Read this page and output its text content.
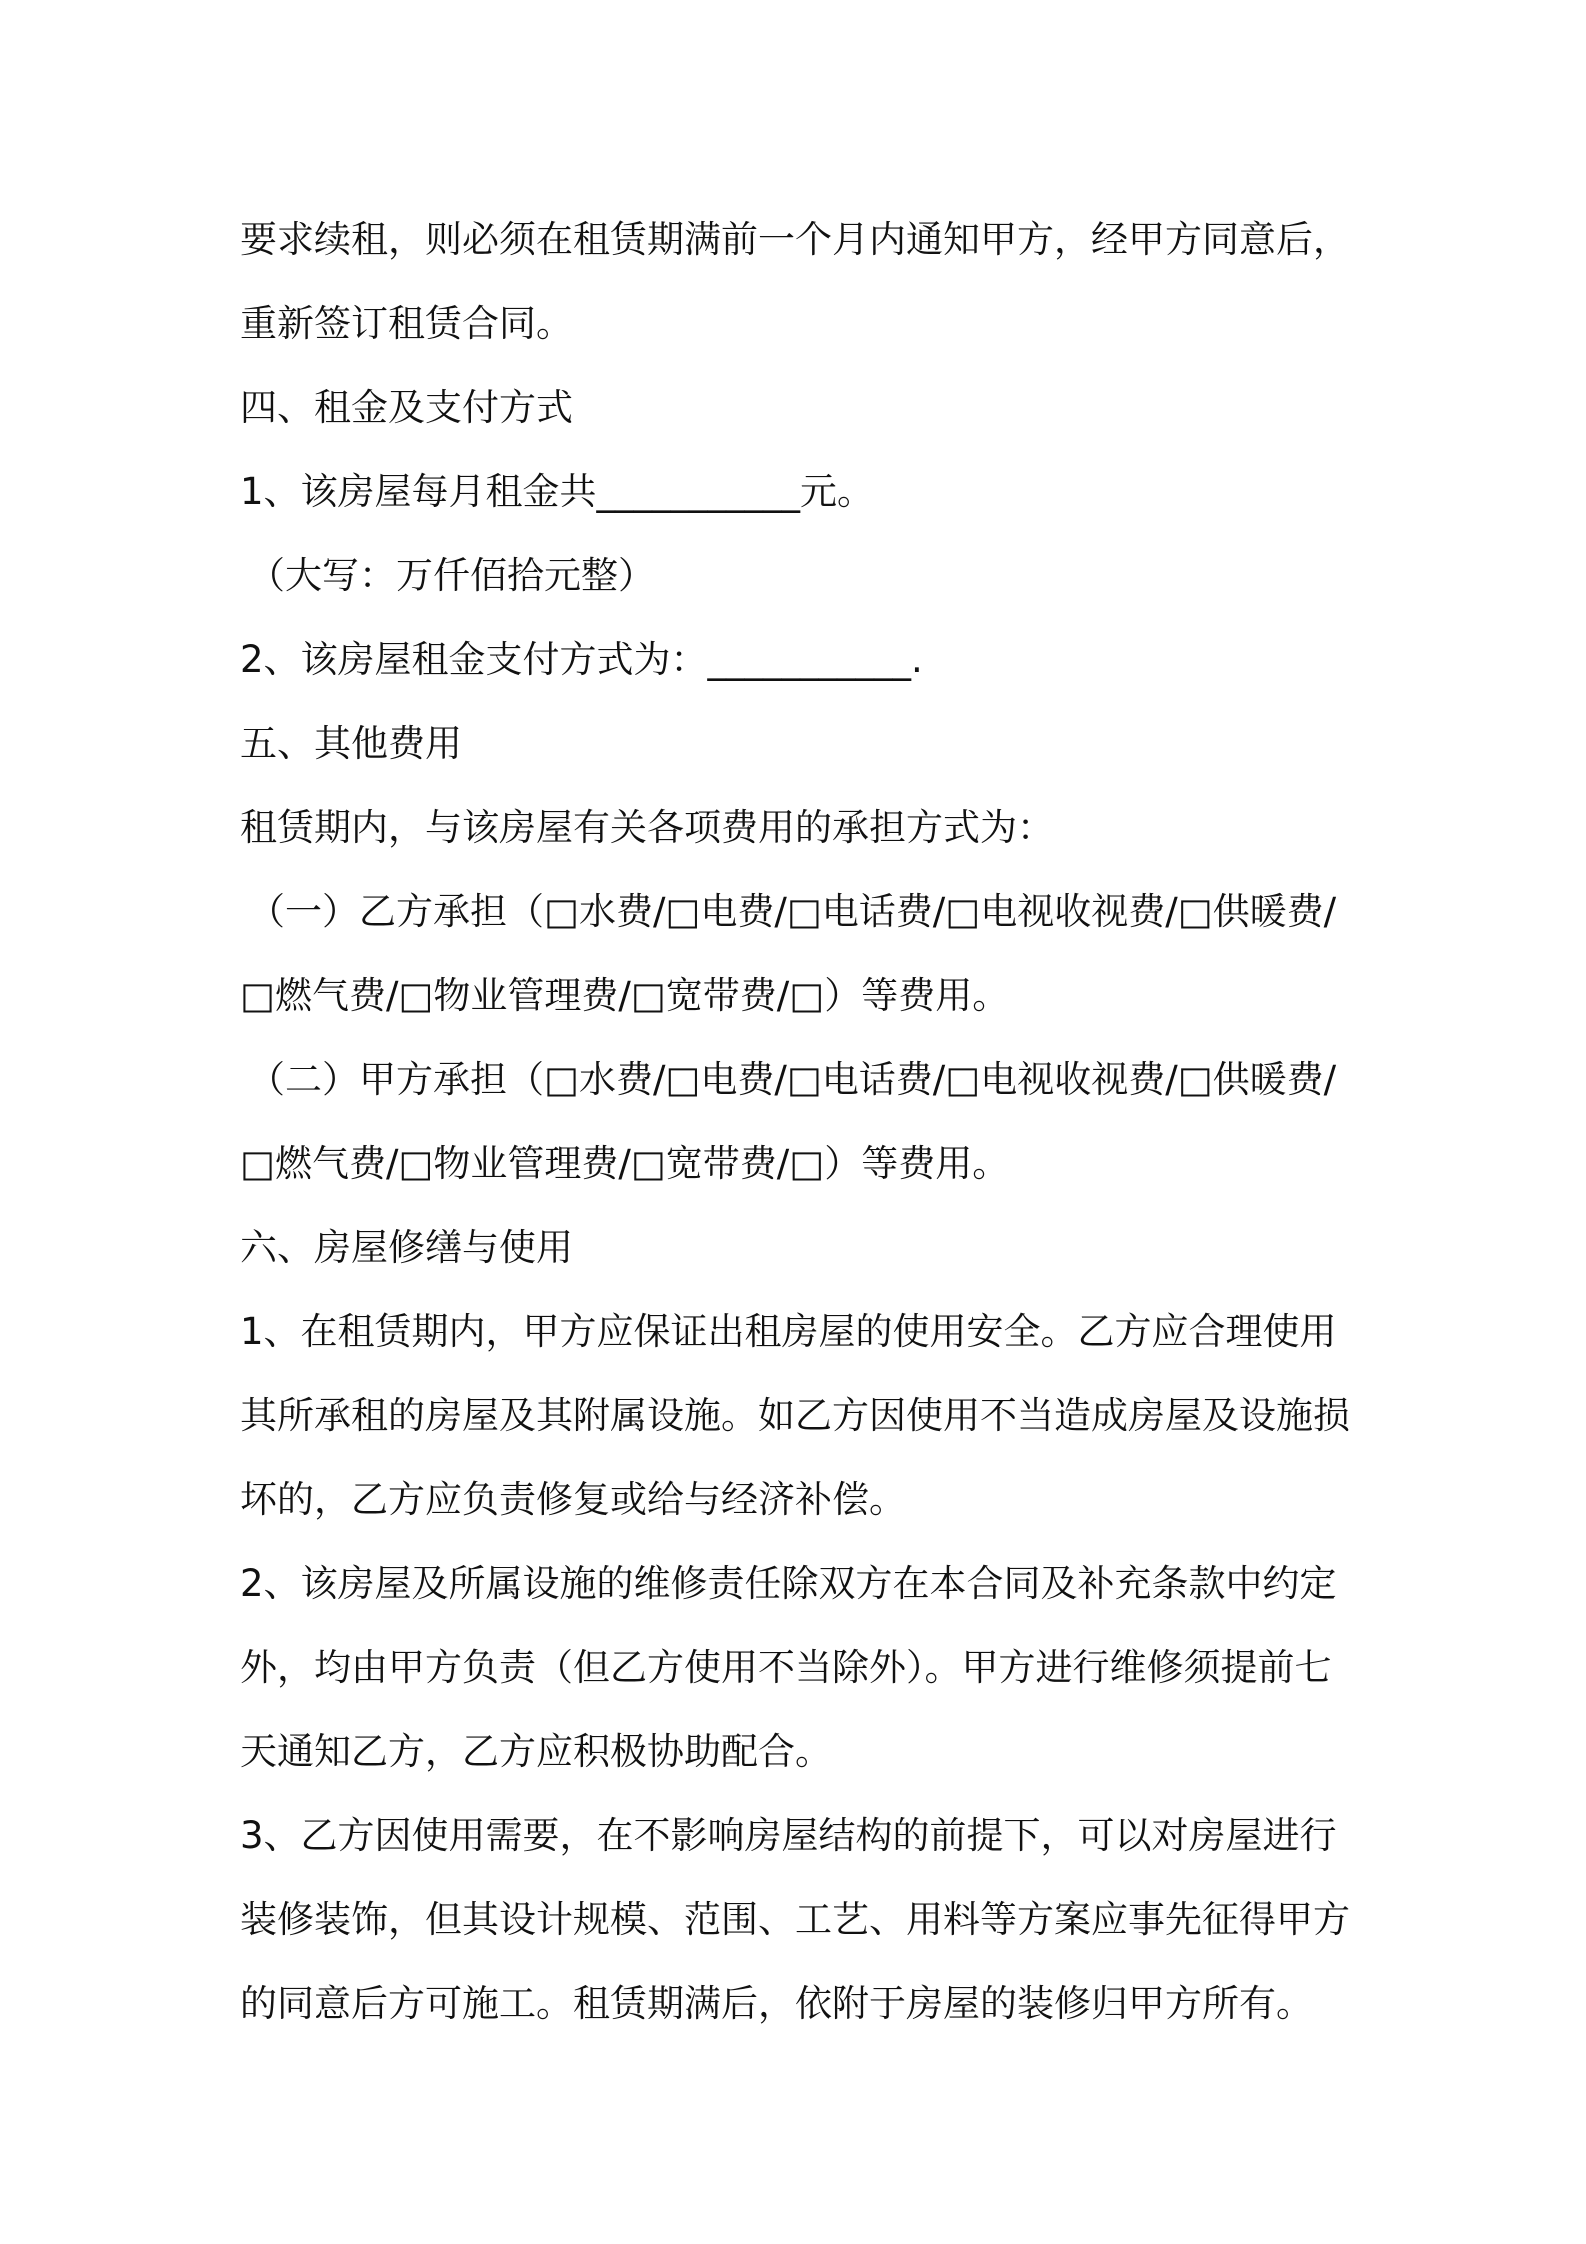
要求续租，则必须在租赁期满前一个月内通知甲方，经甲方同意后，
重新签订租赁合同。
四、租金及支付方式
1、该房屋每月租金共___________元。
（大写：万仟佰拾元整）
2、该房屋租金支付方式为：___________.
五、其他费用
租赁期内，与该房屋有关各项费用的承担方式为：
（一）乙方承担（□水费/□电费/□电话费/□电视收视费/□供暖费/
□燃气费/□物业管理费/□宽带费/□）等费用。
（二）甲方承担（□水费/□电费/□电话费/□电视收视费/□供暖费/
□燃气费/□物业管理费/□宽带费/□）等费用。
六、房屋修缮与使用
1、在租赁期内，甲方应保证出租房屋的使用安全。乙方应合理使用
其所承租的房屋及其附属设施。如乙方因使用不当造成房屋及设施损
坏的，乙方应负责修复或给与经济补偿。
2、该房屋及所属设施的维修责任除双方在本合同及补充条款中约定
外，均由甲方负责（但乙方使用不当除外）。甲方进行维修须提前七
天通知乙方，乙方应积极协助配合。
3、乙方因使用需要，在不影响房屋结构的前提下，可以对房屋进行
装修装饰，但其设计规模、范围、工艺、用料等方案应事先征得甲方
的同意后方可施工。租赁期满后，依附于房屋的装修归甲方所有。
